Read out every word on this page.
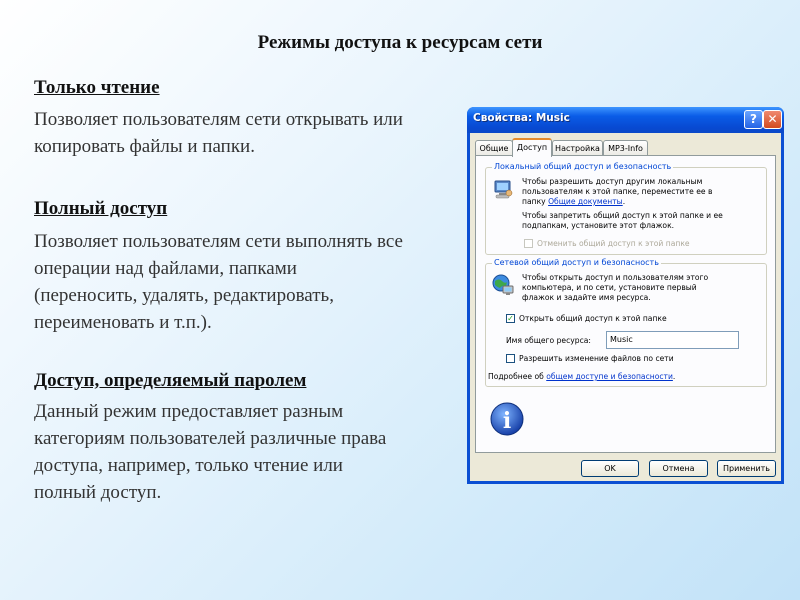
Режимы доступа к ресурсам сети
Только чтение
Позволяет пользователям сети открывать или
копировать файлы и папки.
Полный доступ
Позволяет пользователям сети выполнять все
операции над файлами, папками
(переносить, удалять, редактировать,
переименовать и т.п.).
Доступ, определяемый паролем
Данный режим предоставляет разным
категориям пользователей различные права
доступа, например, только чтение или
полный доступ.
Свойства: Music	? ✕
Общие	Доступ Настройка	MP3-Info
Локальный общий доступ и безопасность
Чтобы разрешить доступ другим локальным
пользователям к этой папке, переместите ее в
папку Общие документы.
Чтобы запретить общий доступ к этой папке и ее
подпапкам, установите этот флажок.
Отменить общий доступ к этой папке
Сетевой общий доступ и безопасность
Чтобы открыть доступ и пользователям этого
компьютера, и по сети, установите первый
флажок и задайте имя ресурса.
✓ Открыть общий доступ к этой папке
Имя общего ресурса:	Music
Разрешить изменение файлов по сети
Подробнее об общем доступе и безопасности.
i
OK	Отмена	Применить
